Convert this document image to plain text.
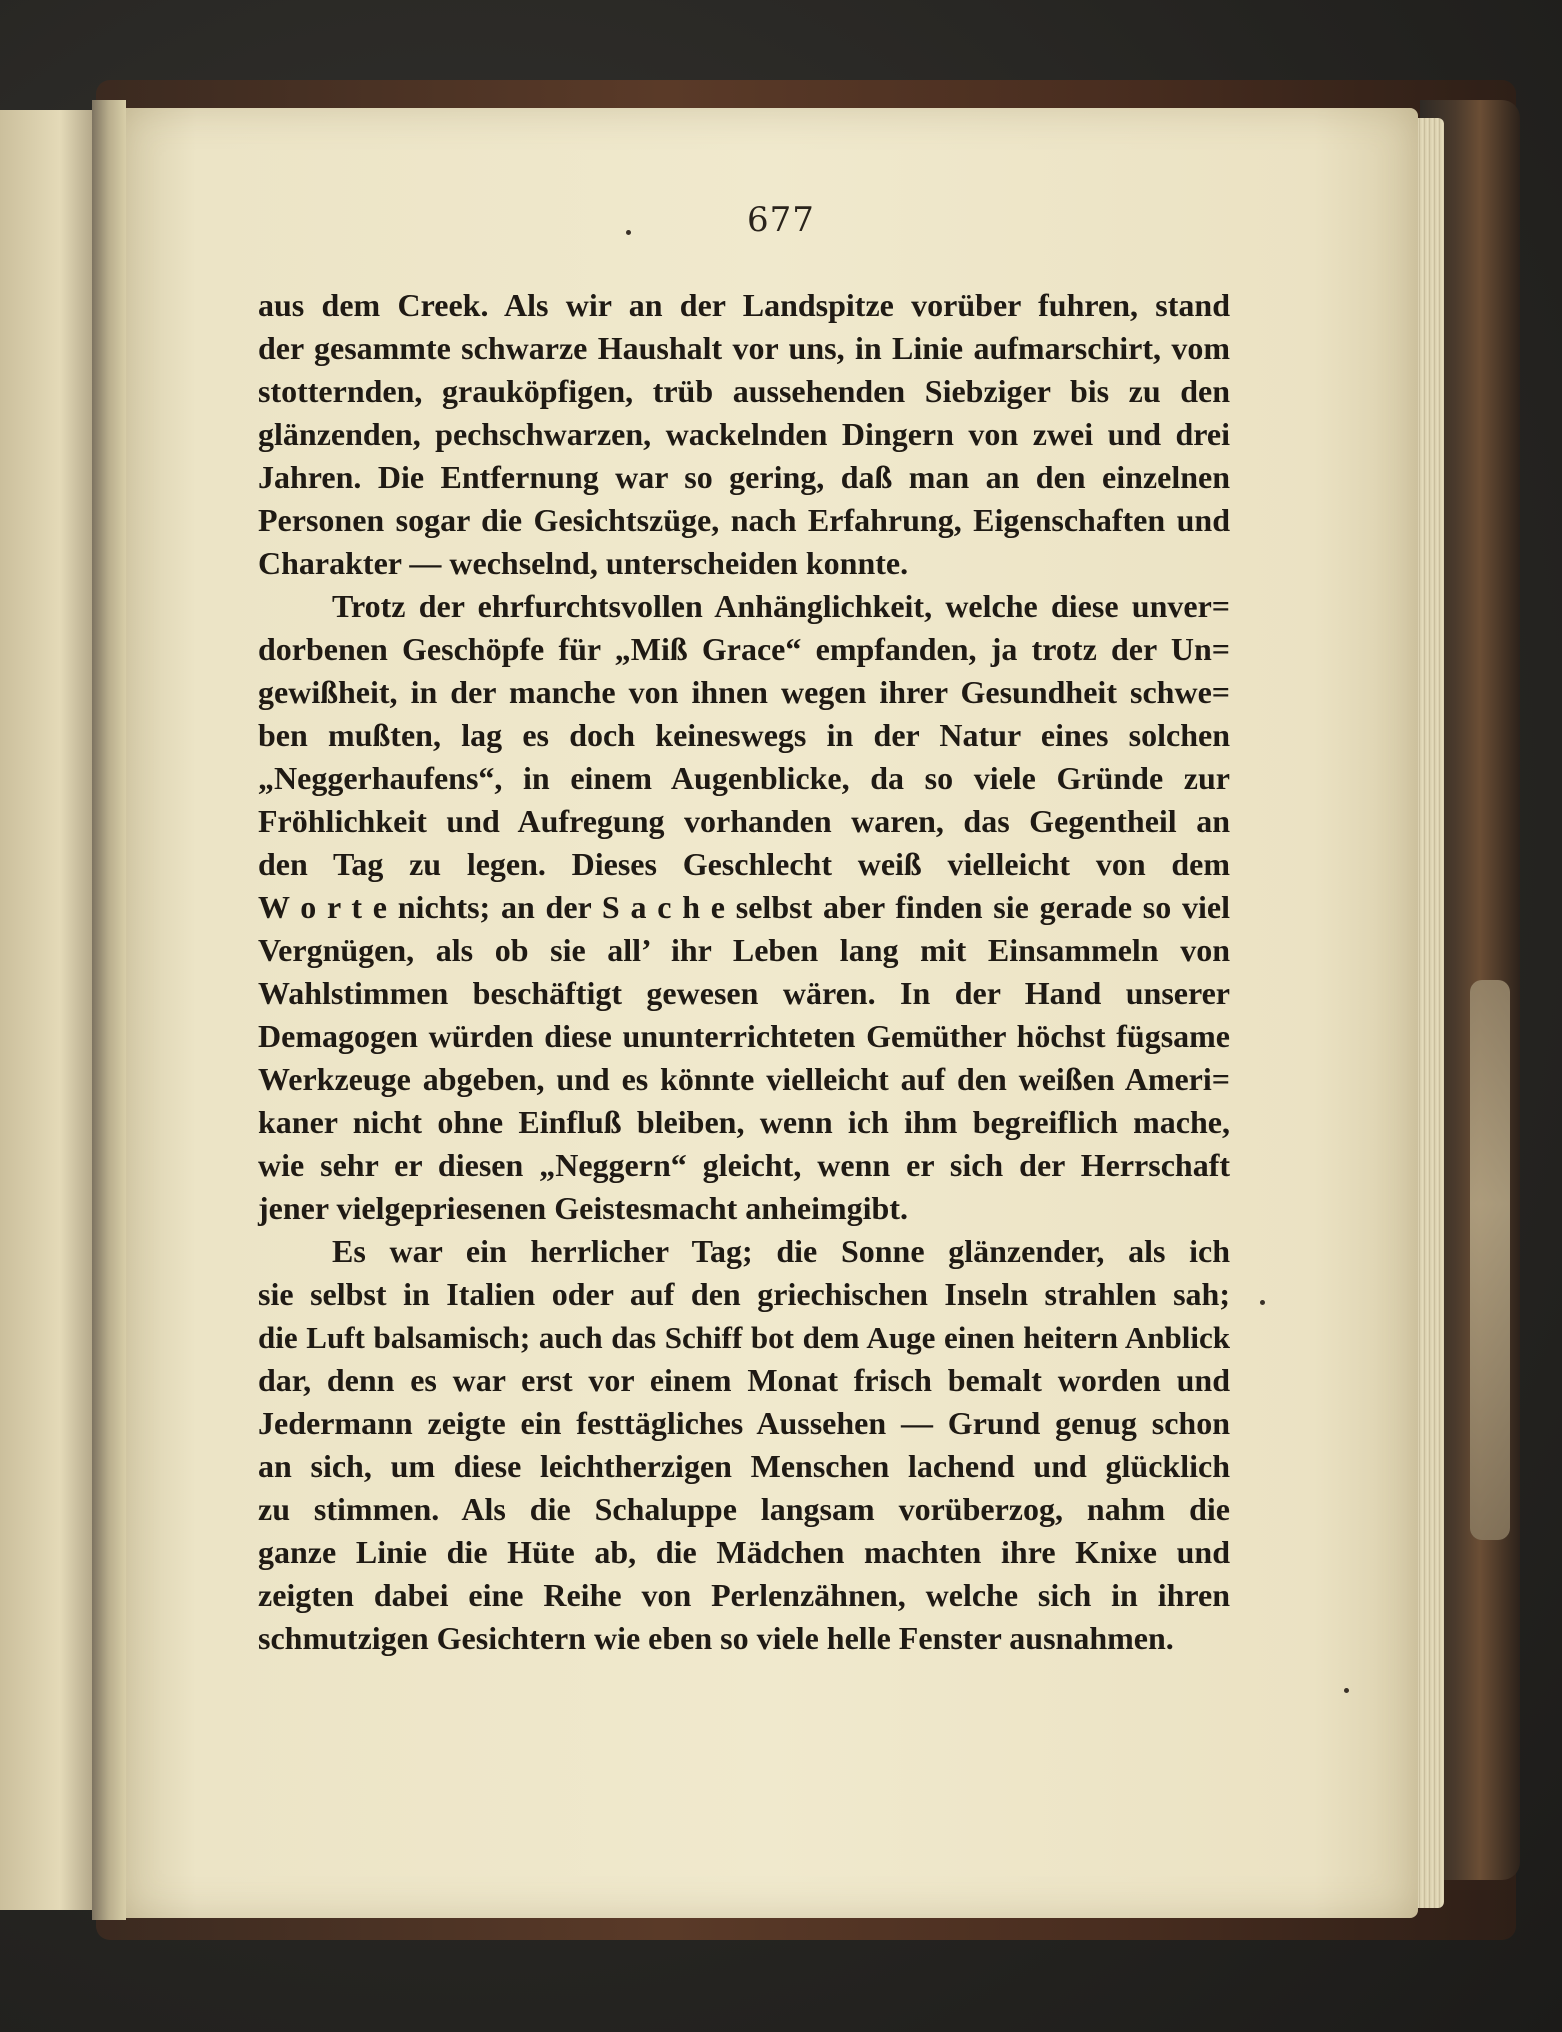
677

aus dem Creek. Als wir an der Landspitze vorüber fuhren, stand
der gesammte schwarze Haushalt vor uns, in Linie aufmarschirt, vom
stotternden, grauköpfigen, trüb aussehenden Siebziger bis zu den
glänzenden, pechschwarzen, wackelnden Dingern von zwei und drei
Jahren. Die Entfernung war so gering, daß man an den einzelnen
Personen sogar die Gesichtszüge, nach Erfahrung, Eigenschaften und
Charakter — wechselnd, unterscheiden konnte.

Trotz der ehrfurchtsvollen Anhänglichkeit, welche diese unver=
dorbenen Geschöpfe für „Miß Grace“ empfanden, ja trotz der Un=
gewißheit, in der manche von ihnen wegen ihrer Gesundheit schwe=
ben mußten, lag es doch keineswegs in der Natur eines solchen
„Neggerhaufens“, in einem Augenblicke, da so viele Gründe zur
Fröhlichkeit und Aufregung vorhanden waren, das Gegentheil an
den Tag zu legen. Dieses Geschlecht weiß vielleicht von dem
W o r t e nichts; an der S a c h e selbst aber finden sie gerade so viel
Vergnügen, als ob sie all’ ihr Leben lang mit Einsammeln von
Wahlstimmen beschäftigt gewesen wären. In der Hand unserer
Demagogen würden diese ununterrichteten Gemüther höchst fügsame
Werkzeuge abgeben, und es könnte vielleicht auf den weißen Ameri=
kaner nicht ohne Einfluß bleiben, wenn ich ihm begreiflich mache,
wie sehr er diesen „Neggern“ gleicht, wenn er sich der Herrschaft
jener vielgepriesenen Geistesmacht anheimgibt.

Es war ein herrlicher Tag; die Sonne glänzender, als ich
sie selbst in Italien oder auf den griechischen Inseln strahlen sah;
die Luft balsamisch; auch das Schiff bot dem Auge einen heitern Anblick
dar, denn es war erst vor einem Monat frisch bemalt worden und
Jedermann zeigte ein festtägliches Aussehen — Grund genug schon
an sich, um diese leichtherzigen Menschen lachend und glücklich
zu stimmen. Als die Schaluppe langsam vorüberzog, nahm die
ganze Linie die Hüte ab, die Mädchen machten ihre Knixe und
zeigten dabei eine Reihe von Perlenzähnen, welche sich in ihren
schmutzigen Gesichtern wie eben so viele helle Fenster ausnahmen.
